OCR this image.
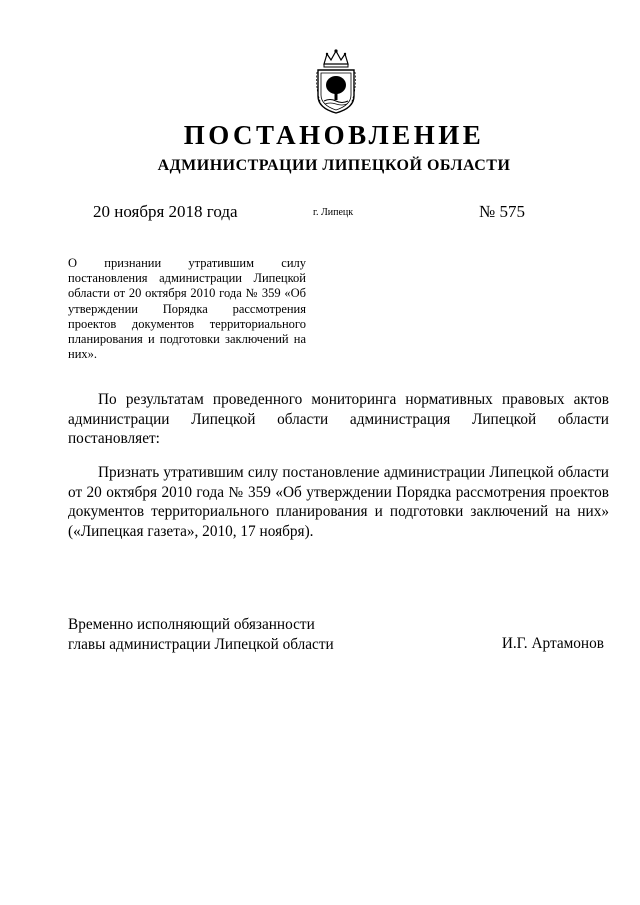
ПОСТАНОВЛЕНИЕ
АДМИНИСТРАЦИИ ЛИПЕЦКОЙ ОБЛАСТИ
20 ноября 2018 года	г. Липецк	№ 575
О признании утратившим силу постановления администрации Липецкой области от 20 октября 2010 года № 359 «Об утверждении Порядка рассмотрения проектов документов территориального планирования и подготовки заключений на них».
По результатам проведенного мониторинга нормативных правовых актов администрации Липецкой области администрация Липецкой области постановляет:
Признать утратившим силу постановление администрации Липецкой области от 20 октября 2010 года № 359 «Об утверждении Порядка рассмотрения проектов документов территориального планирования и подготовки заключений на них» («Липецкая газета», 2010, 17 ноября).
Временно исполняющий обязанности
главы администрации Липецкой области	И.Г. Артамонов
